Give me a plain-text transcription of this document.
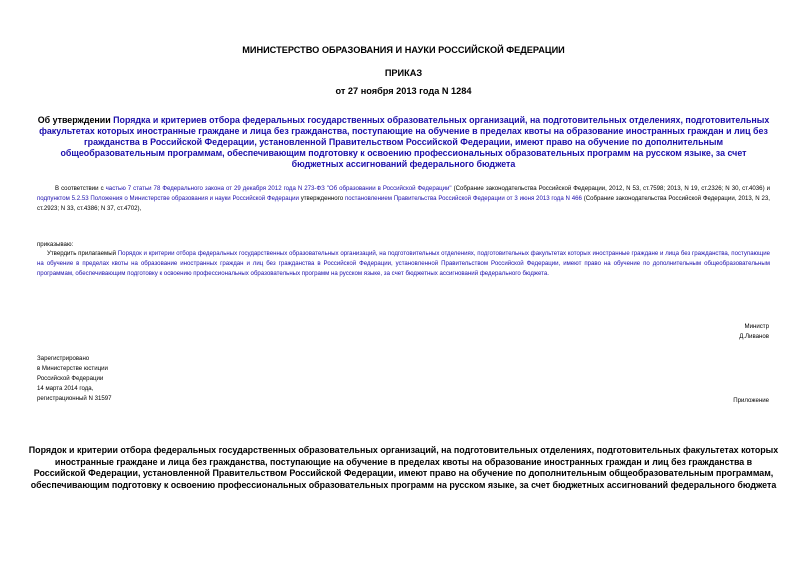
МИНИСТЕРСТВО ОБРАЗОВАНИЯ И НАУКИ РОССИЙСКОЙ ФЕДЕРАЦИИ
ПРИКАЗ
от 27 ноября 2013 года N 1284
Об утверждении Порядка и критериев отбора федеральных государственных образовательных организаций, на подготовительных отделениях, подготовительных факультетах которых иностранные граждане и лица без гражданства, поступающие на обучение в пределах квоты на образование иностранных граждан и лиц без гражданства в Российской Федерации, установленной Правительством Российской Федерации, имеют право на обучение по дополнительным общеобразовательным программам, обеспечивающим подготовку к освоению профессиональных образовательных программ на русском языке, за счет бюджетных ассигнований федерального бюджета
В соответствии с частью 7 статьи 78 Федерального закона от 29 декабря 2012 года N 273-ФЗ "Об образовании в Российской Федерации" (Собрание законодательства Российской Федерации, 2012, N 53, ст.7598; 2013, N 19, ст.2326; N 30, ст.4036) и подпунктом 5.2.53 Положения о Министерстве образования и науки Российской Федерации утвержденного постановлением Правительства Российской Федерации от 3 июня 2013 года N 466 (Собрание законодательства Российской Федерации, 2013, N 23, ст.2923; N 33, ст.4386; N 37, ст.4702),
приказываю:
Утвердить прилагаемый Порядок и критерии отбора федеральных государственных образовательных организаций, на подготовительных отделениях, подготовительных факультетах которых иностранные граждане и лица без гражданства, поступающие на обучение в пределах квоты на образование иностранных граждан и лиц без гражданства в Российской Федерации, установленной Правительством Российской Федерации, имеют право на обучение по дополнительным общеобразовательным программам, обеспечивающим подготовку к освоению профессиональных образовательных программ на русском языке, за счет бюджетных ассигнований федерального бюджета.
Министр
Д.Ливанов
Зарегистрировано
в Министерстве юстиции
Российской Федерации
14 марта 2014 года,
регистрационный N 31597	Приложение
Порядок и критерии отбора федеральных государственных образовательных организаций, на подготовительных отделениях, подготовительных факультетах которых иностранные граждане и лица без гражданства, поступающие на обучение в пределах квоты на образование иностранных граждан и лиц без гражданства в Российской Федерации, установленной Правительством Российской Федерации, имеют право на обучение по дополнительным общеобразовательным программам, обеспечивающим подготовку к освоению профессиональных образовательных программ на русском языке, за счет бюджетных ассигнований федерального бюджета
